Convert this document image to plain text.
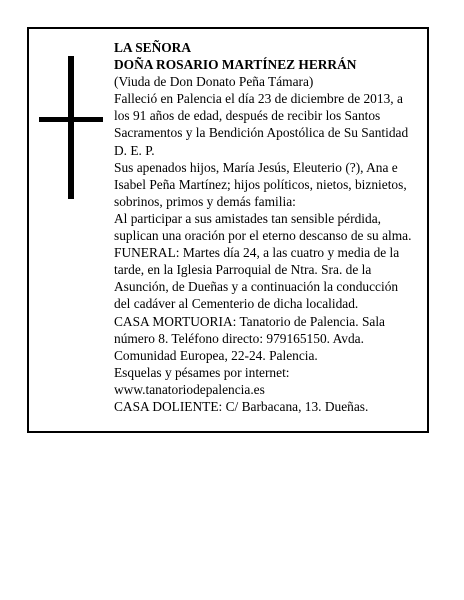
LA SEÑORA
DOÑA ROSARIO MARTÍNEZ HERRÁN
(Viuda de Don Donato Peña Támara)
Falleció en Palencia el día 23 de diciembre de 2013, a
los 91 años de edad, después de recibir los Santos
Sacramentos y la Bendición Apostólica de Su Santidad
D. E. P.
Sus apenados hijos, María Jesús, Eleuterio (?), Ana e
Isabel Peña Martínez; hijos políticos, nietos, biznietos,
sobrinos, primos y demás familia:
Al participar a sus amistades tan sensible pérdida,
suplican una oración por el eterno descanso de su alma.
FUNERAL: Martes día 24, a las cuatro y media de la
tarde, en la Iglesia Parroquial de Ntra. Sra. de la
Asunción, de Dueñas y a continuación la conducción
del cadáver al Cementerio de dicha localidad.
CASA MORTUORIA: Tanatorio de Palencia. Sala
número 8. Teléfono directo: 979165150. Avda.
Comunidad Europea, 22-24. Palencia.
Esquelas y pésames por internet:
www.tanatoriodepalencia.es
CASA DOLIENTE: C/ Barbacana, 13. Dueñas.
